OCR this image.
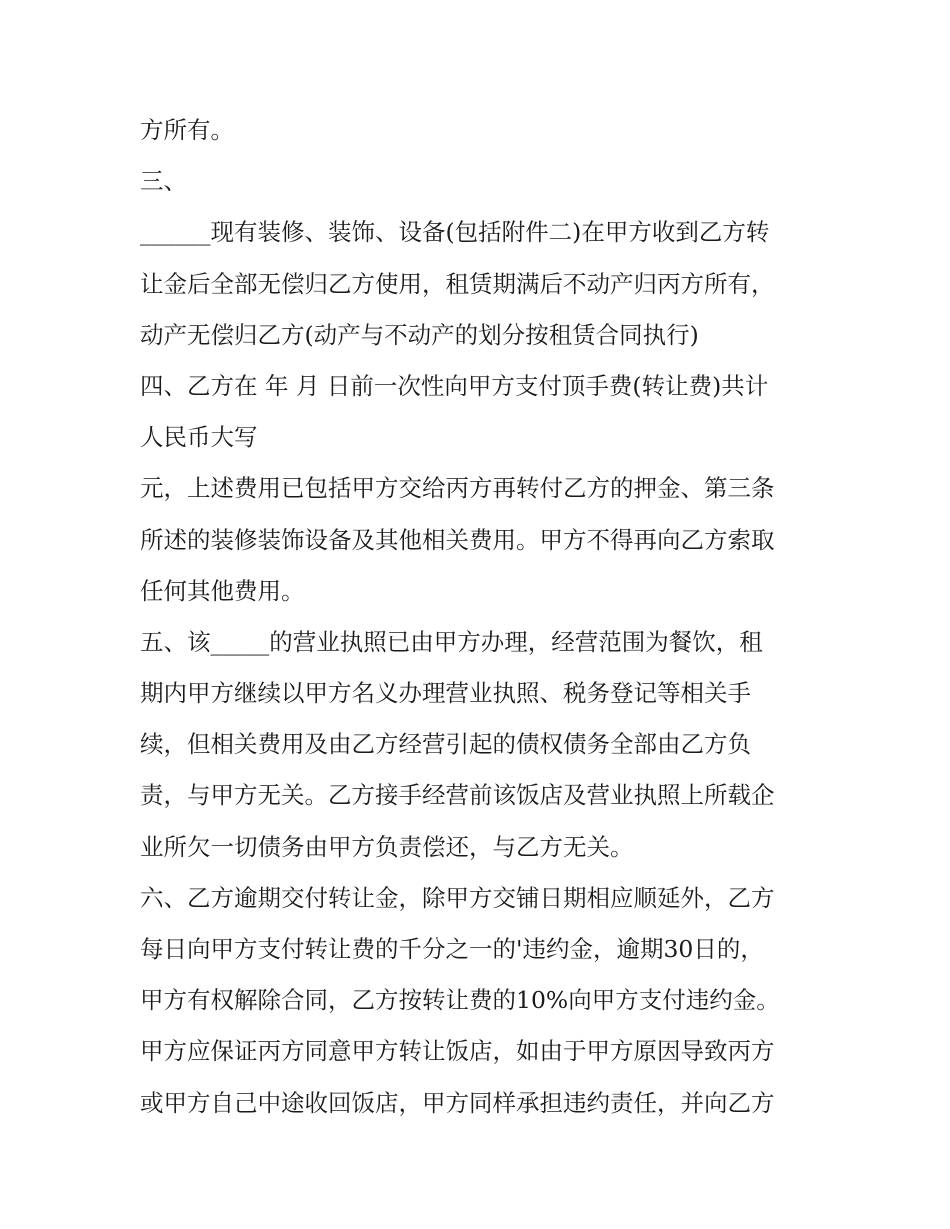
方所有。
三、
______现有装修、装饰、设备(包括附件二)在甲方收到乙方转
让金后全部无偿归乙方使用，租赁期满后不动产归丙方所有，
动产无偿归乙方(动产与不动产的划分按租赁合同执行)
四、乙方在 年 月 日前一次性向甲方支付顶手费(转让费)共计
人民币大写
元，上述费用已包括甲方交给丙方再转付乙方的押金、第三条
所述的装修装饰设备及其他相关费用。甲方不得再向乙方索取
任何其他费用。
五、该_____的营业执照已由甲方办理，经营范围为餐饮，租
期内甲方继续以甲方名义办理营业执照、税务登记等相关手
续，但相关费用及由乙方经营引起的债权债务全部由乙方负
责，与甲方无关。乙方接手经营前该饭店及营业执照上所载企
业所欠一切债务由甲方负责偿还，与乙方无关。
六、乙方逾期交付转让金，除甲方交铺日期相应顺延外，乙方
每日向甲方支付转让费的千分之一的'违约金，逾期30日的，
甲方有权解除合同，乙方按转让费的10%向甲方支付违约金。
甲方应保证丙方同意甲方转让饭店，如由于甲方原因导致丙方
或甲方自己中途收回饭店，甲方同样承担违约责任，并向乙方
